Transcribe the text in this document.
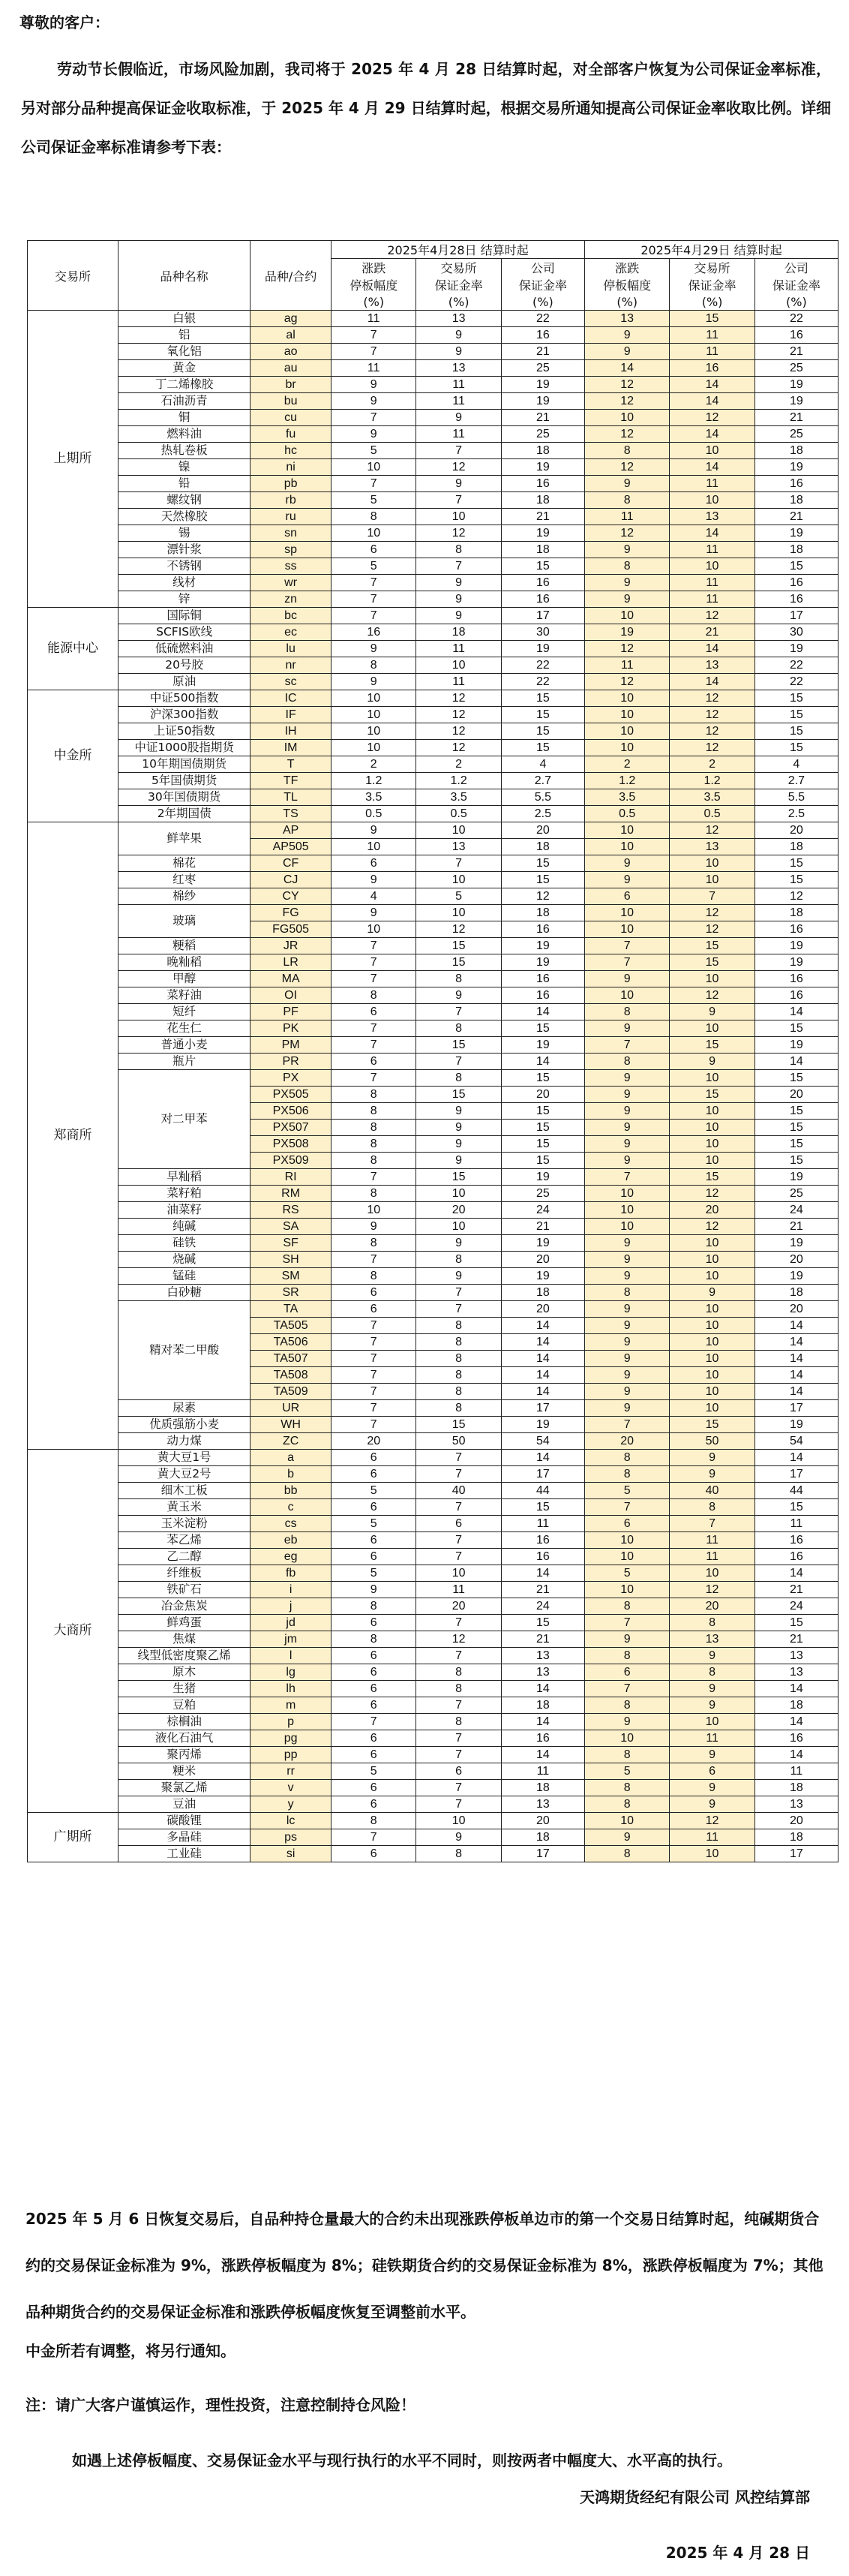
尊敬的客户：
劳动节长假临近，市场风险加剧，我司将于 2025 年 4 月 28 日结算时起，对全部客户恢复为公司保证金率标准，另对部分品种提高保证金收取标准，于 2025 年 4 月 29 日结算时起，根据交易所通知提高公司保证金率收取比例。详细公司保证金率标准请参考下表：
交易所	品种名称	品种/合约	2025年4月28日 结算时起			2025年4月29日 结算时起		
			涨跌	交易所	公司	涨跌	交易所	公司
			停板幅度	保证金率	保证金率	停板幅度	保证金率	保证金率
			(%)	(%)	(%)	(%)	(%)	(%)
上期所	白银	ag	11	13	22	13	15	22
	铝	al	7	9	16	9	11	16
	氧化铝	ao	7	9	21	9	11	21
	黄金	au	11	13	25	14	16	25
	丁二烯橡胶	br	9	11	19	12	14	19
	石油沥青	bu	9	11	19	12	14	19
	铜	cu	7	9	21	10	12	21
	燃料油	fu	9	11	25	12	14	25
	热轧卷板	hc	5	7	18	8	10	18
	镍	ni	10	12	19	12	14	19
	铅	pb	7	9	16	9	11	16
	螺纹钢	rb	5	7	18	8	10	18
	天然橡胶	ru	8	10	21	11	13	21
	锡	sn	10	12	19	12	14	19
	漂针浆	sp	6	8	18	9	11	18
	不锈钢	ss	5	7	15	8	10	15
	线材	wr	7	9	16	9	11	16
	锌	zn	7	9	16	9	11	16
能源中心	国际铜	bc	7	9	17	10	12	17
	SCFIS欧线	ec	16	18	30	19	21	30
	低硫燃料油	lu	9	11	19	12	14	19
	20号胶	nr	8	10	22	11	13	22
	原油	sc	9	11	22	12	14	22
中金所	中证500指数	IC	10	12	15	10	12	15
	沪深300指数	IF	10	12	15	10	12	15
	上证50指数	IH	10	12	15	10	12	15
	中证1000股指期货	IM	10	12	15	10	12	15
	10年期国债期货	T	2	2	4	2	2	4
	5年国债期货	TF	1.2	1.2	2.7	1.2	1.2	2.7
	30年国债期货	TL	3.5	3.5	5.5	3.5	3.5	5.5
	2年期国债	TS	0.5	0.5	2.5	0.5	0.5	2.5
郑商所	鲜苹果	AP	9	10	20	10	12	20
		AP505	10	13	18	10	13	18
	棉花	CF	6	7	15	9	10	15
	红枣	CJ	9	10	15	9	10	15
	棉纱	CY	4	5	12	6	7	12
	玻璃	FG	9	10	18	10	12	18
		FG505	10	12	16	10	12	16
	粳稻	JR	7	15	19	7	15	19
	晚籼稻	LR	7	15	19	7	15	19
	甲醇	MA	7	8	16	9	10	16
	菜籽油	OI	8	9	16	10	12	16
	短纤	PF	6	7	14	8	9	14
	花生仁	PK	7	8	15	9	10	15
	普通小麦	PM	7	15	19	7	15	19
	瓶片	PR	6	7	14	8	9	14
	对二甲苯	PX	7	8	15	9	10	15
		PX505	8	15	20	9	15	20
		PX506	8	9	15	9	10	15
		PX507	8	9	15	9	10	15
		PX508	8	9	15	9	10	15
		PX509	8	9	15	9	10	15
	早籼稻	RI	7	15	19	7	15	19
	菜籽粕	RM	8	10	25	10	12	25
	油菜籽	RS	10	20	24	10	20	24
	纯碱	SA	9	10	21	10	12	21
	硅铁	SF	8	9	19	9	10	19
	烧碱	SH	7	8	20	9	10	20
	锰硅	SM	8	9	19	9	10	19
	白砂糖	SR	6	7	18	8	9	18
	精对苯二甲酸	TA	6	7	20	9	10	20
		TA505	7	8	14	9	10	14
		TA506	7	8	14	9	10	14
		TA507	7	8	14	9	10	14
		TA508	7	8	14	9	10	14
		TA509	7	8	14	9	10	14
	尿素	UR	7	8	17	9	10	17
	优质强筋小麦	WH	7	15	19	7	15	19
	动力煤	ZC	20	50	54	20	50	54
大商所	黄大豆1号	a	6	7	14	8	9	14
	黄大豆2号	b	6	7	17	8	9	17
	细木工板	bb	5	40	44	5	40	44
	黄玉米	c	6	7	15	7	8	15
	玉米淀粉	cs	5	6	11	6	7	11
	苯乙烯	eb	6	7	16	10	11	16
	乙二醇	eg	6	7	16	10	11	16
	纤维板	fb	5	10	14	5	10	14
	铁矿石	i	9	11	21	10	12	21
	冶金焦炭	j	8	20	24	8	20	24
	鲜鸡蛋	jd	6	7	15	7	8	15
	焦煤	jm	8	12	21	9	13	21
	线型低密度聚乙烯	l	6	7	13	8	9	13
	原木	lg	6	8	13	6	8	13
	生猪	lh	6	8	14	7	9	14
	豆粕	m	6	7	18	8	9	18
	棕榈油	p	7	8	14	9	10	14
	液化石油气	pg	6	7	16	10	11	16
	聚丙烯	pp	6	7	14	8	9	14
	粳米	rr	5	6	11	5	6	11
	聚氯乙烯	v	6	7	18	8	9	18
	豆油	y	6	7	13	8	9	13
广期所	碳酸锂	lc	8	10	20	10	12	20
	多晶硅	ps	7	9	18	9	11	18
	工业硅	si	6	8	17	8	10	17
2025 年 5 月 6 日恢复交易后，自品种持仓量最大的合约未出现涨跌停板单边市的第一个交易日结算时起，纯碱期货合约的交易保证金标准为 9%，涨跌停板幅度为 8%；硅铁期货合约的交易保证金标准为 8%，涨跌停板幅度为 7%；其他品种期货合约的交易保证金标准和涨跌停板幅度恢复至调整前水平。
中金所若有调整，将另行通知。
注：请广大客户谨慎运作，理性投资，注意控制持仓风险！
如遇上述停板幅度、交易保证金水平与现行执行的水平不同时，则按两者中幅度大、水平高的执行。
天鸿期货经纪有限公司 风控结算部
2025 年 4 月 28 日
